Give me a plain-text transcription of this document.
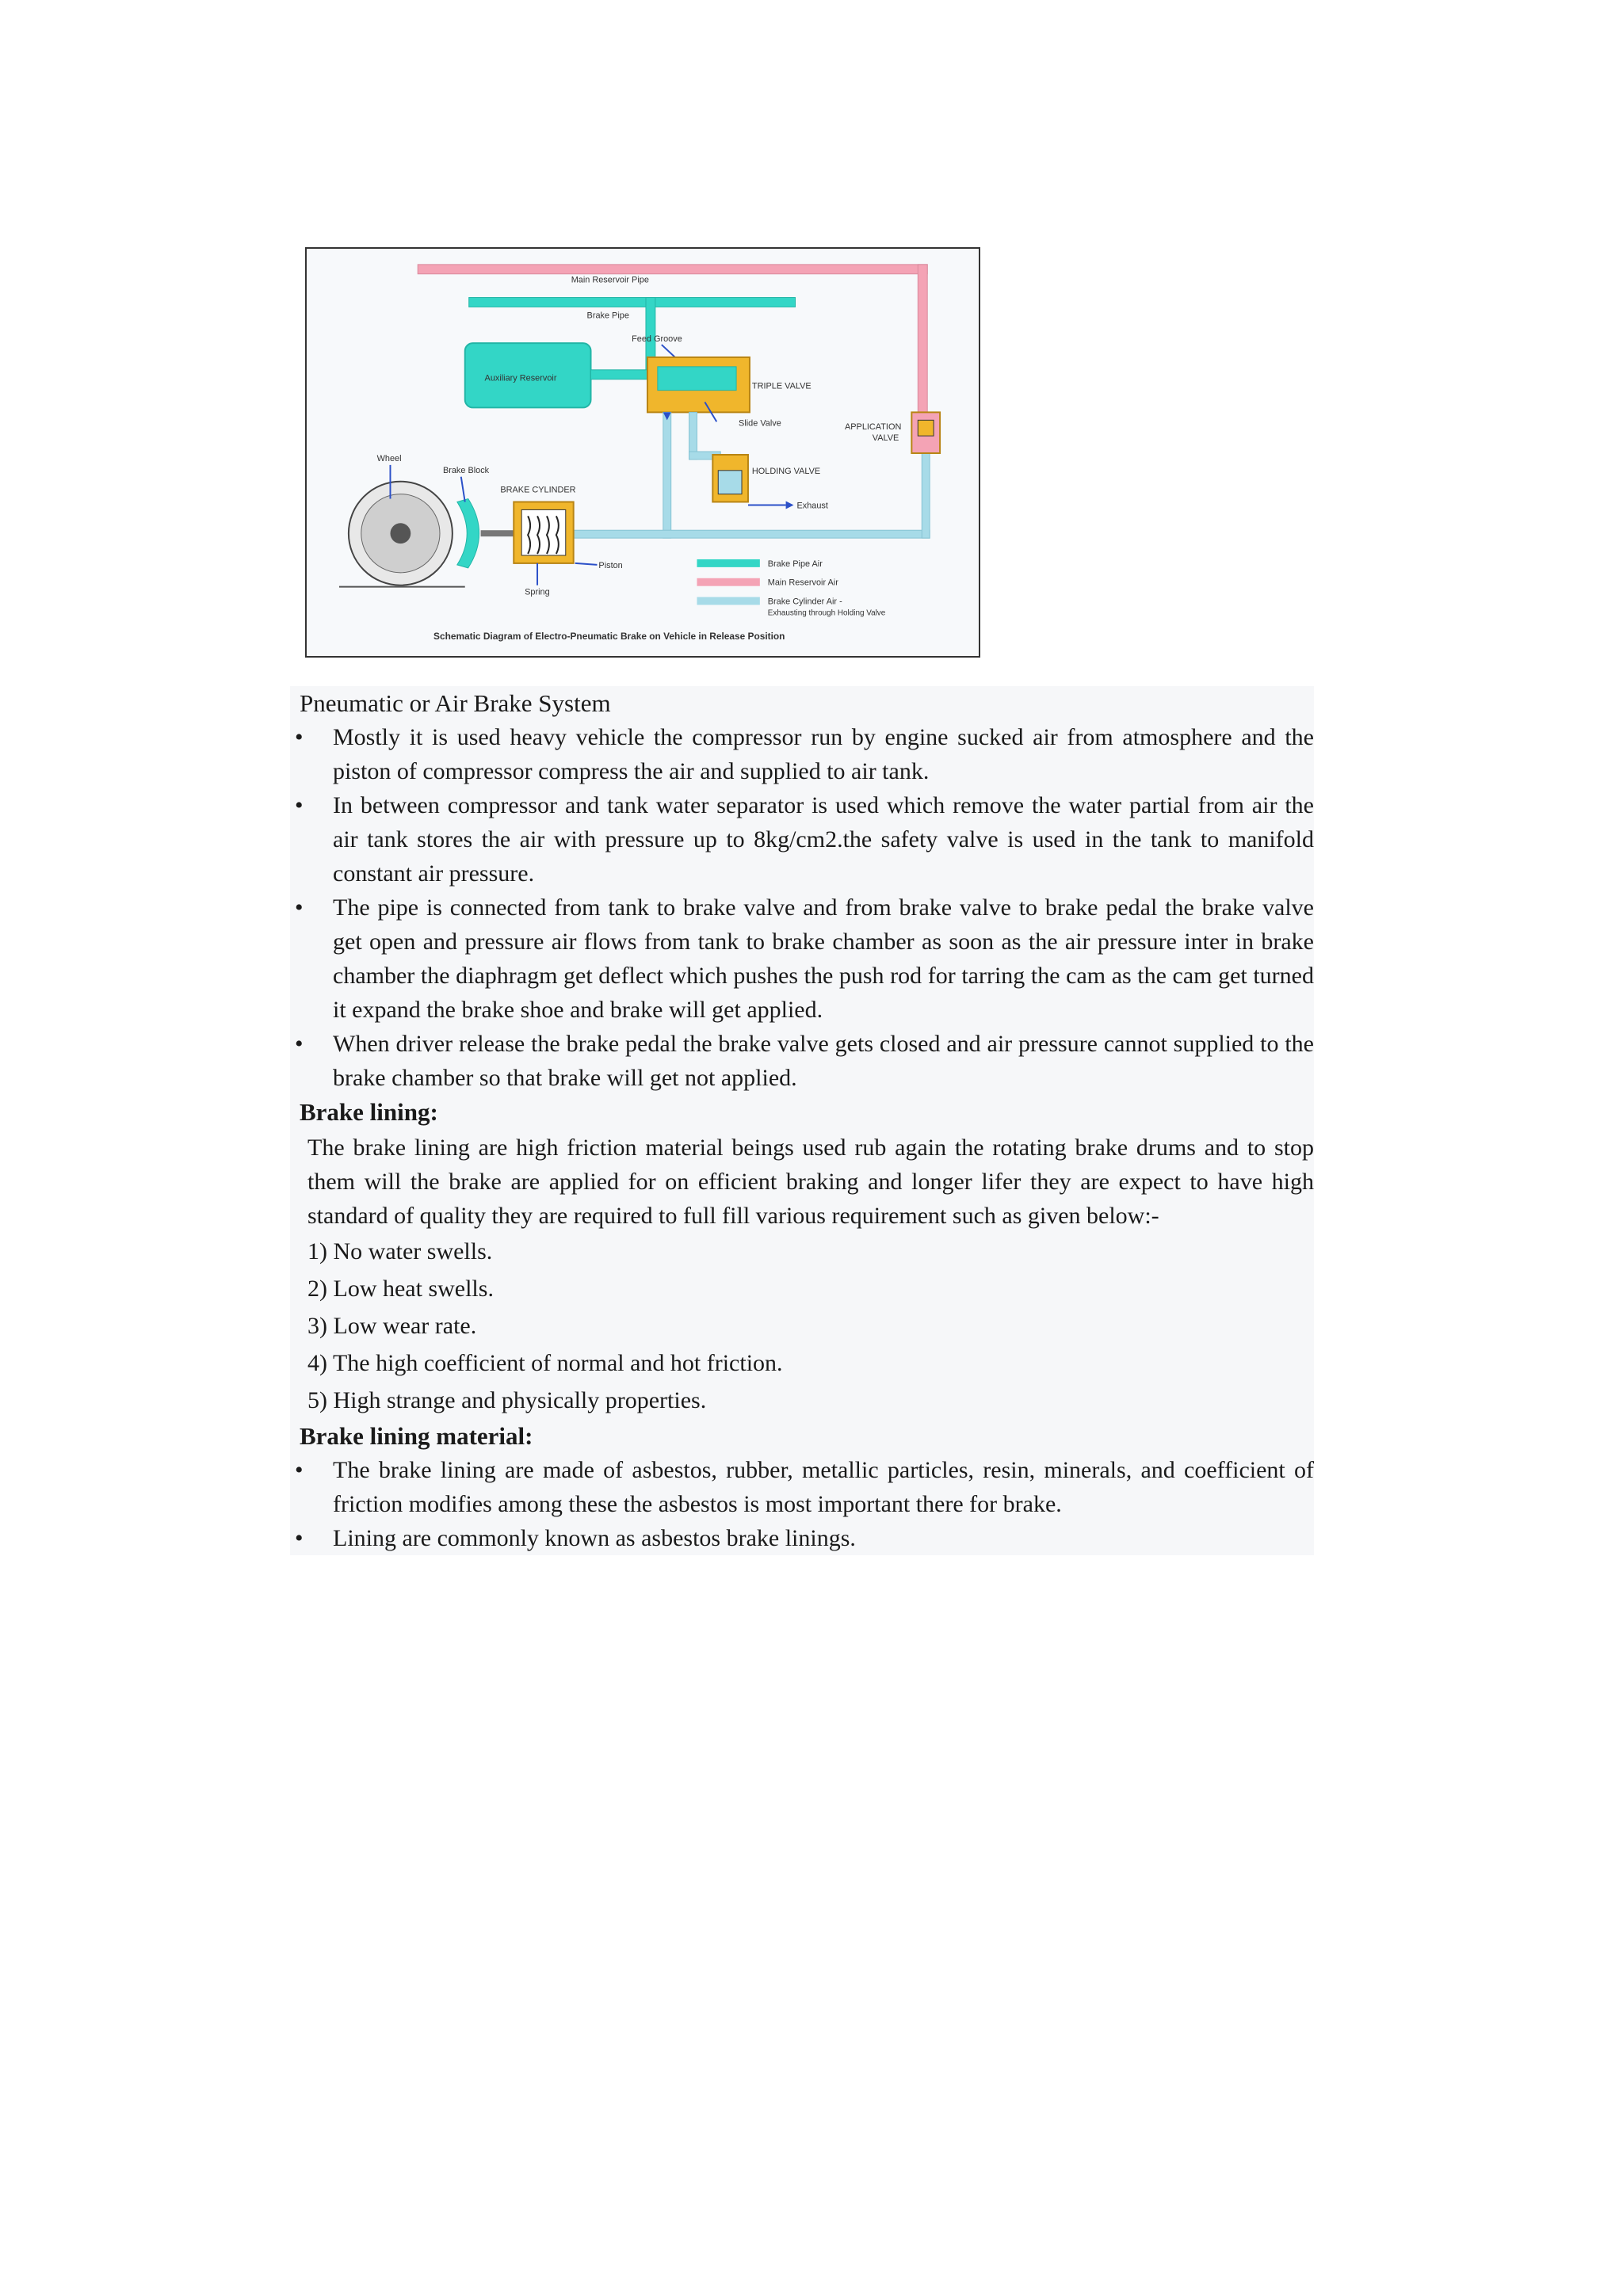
Main Reservoir Pipe
Brake Pipe
Feed Groove
Auxiliary Reservoir
TRIPLE VALVE
Slide Valve
HOLDING VALVE
Exhaust
APPLICATION
VALVE
Wheel
Brake Block
BRAKE CYLINDER
Piston
Spring
Brake Pipe Air
Main Reservoir Air
Brake Cylinder Air -
Exhausting through Holding Valve
Schematic Diagram of Electro-Pneumatic Brake on Vehicle in Release Position

Pneumatic or Air Brake System

• Mostly it is used heavy vehicle the compressor run by engine sucked air from atmosphere and the piston of compressor compress the air and supplied to air tank.
• In between compressor and tank water separator is used which remove the water partial from air the air tank stores the air with pressure up to 8kg/cm2.the safety valve is used in the tank to manifold constant air pressure.
• The pipe is connected from tank to brake valve and from brake valve to brake pedal the brake valve get open and pressure air flows from tank to brake chamber as soon as the air pressure inter in brake chamber the diaphragm get deflect which pushes the push rod for tarring the cam as the cam get turned it expand the brake shoe and brake will get applied.
• When driver release the brake pedal the brake valve gets closed and air pressure cannot supplied to the brake chamber so that brake will get not applied.

Brake lining:

The brake lining are high friction material beings used rub again the rotating brake drums and to stop them will the brake are applied for on efficient braking and longer lifer they are expect to have high standard of quality they are required to full fill various requirement such as given below:-

1) No water swells.
2) Low heat swells.
3) Low wear rate.
4) The high coefficient of normal and hot friction.
5) High strange and physically properties.

Brake lining material:

• The brake lining are made of asbestos, rubber, metallic particles, resin, minerals, and coefficient of friction modifies among these the asbestos is most important there for brake.
• Lining are commonly known as asbestos brake linings.
